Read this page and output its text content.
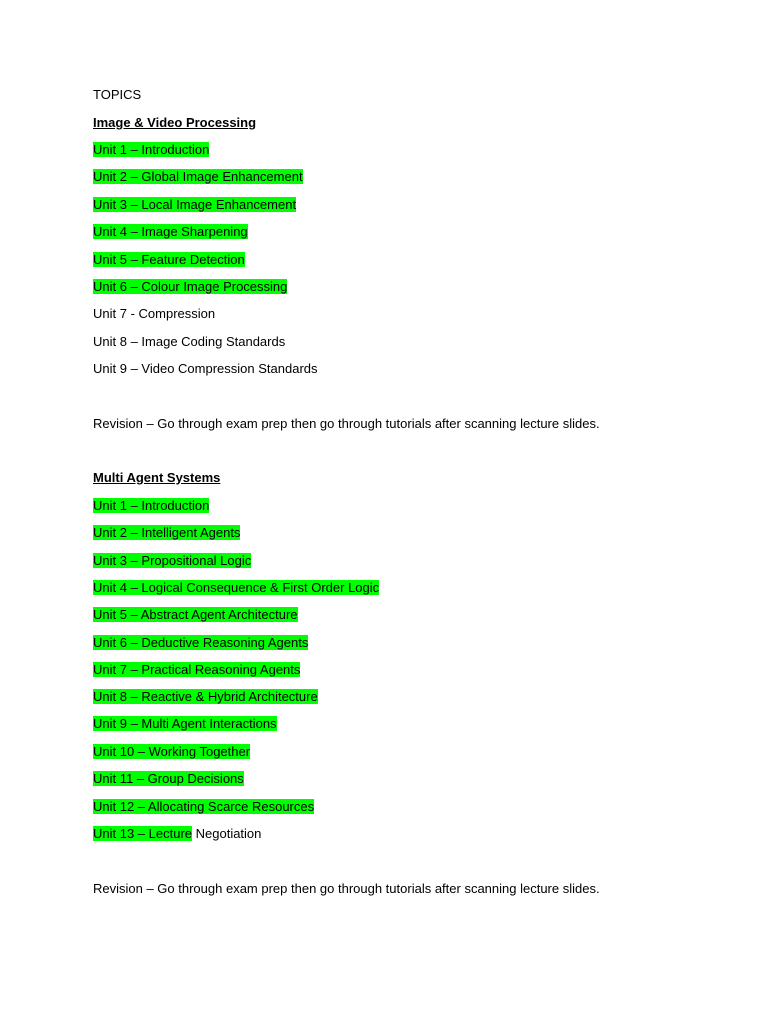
TOPICS
Image & Video Processing
Unit 1 – Introduction
Unit 2 – Global Image Enhancement
Unit 3 – Local Image Enhancement
Unit 4 – Image Sharpening
Unit 5 – Feature Detection
Unit 6 – Colour Image Processing
Unit 7 - Compression
Unit 8 – Image Coding Standards
Unit 9 – Video Compression Standards
Revision – Go through exam prep then go through tutorials after scanning lecture slides.
Multi Agent Systems
Unit 1 – Introduction
Unit 2 – Intelligent Agents
Unit 3 – Propositional Logic
Unit 4 – Logical Consequence & First Order Logic
Unit 5 – Abstract Agent Architecture
Unit 6 – Deductive Reasoning Agents
Unit 7 – Practical Reasoning Agents
Unit 8 – Reactive & Hybrid Architecture
Unit 9 – Multi Agent Interactions
Unit 10 – Working Together
Unit 11 – Group Decisions
Unit 12 – Allocating Scarce Resources
Unit 13 – Lecture Negotiation
Revision – Go through exam prep then go through tutorials after scanning lecture slides.
